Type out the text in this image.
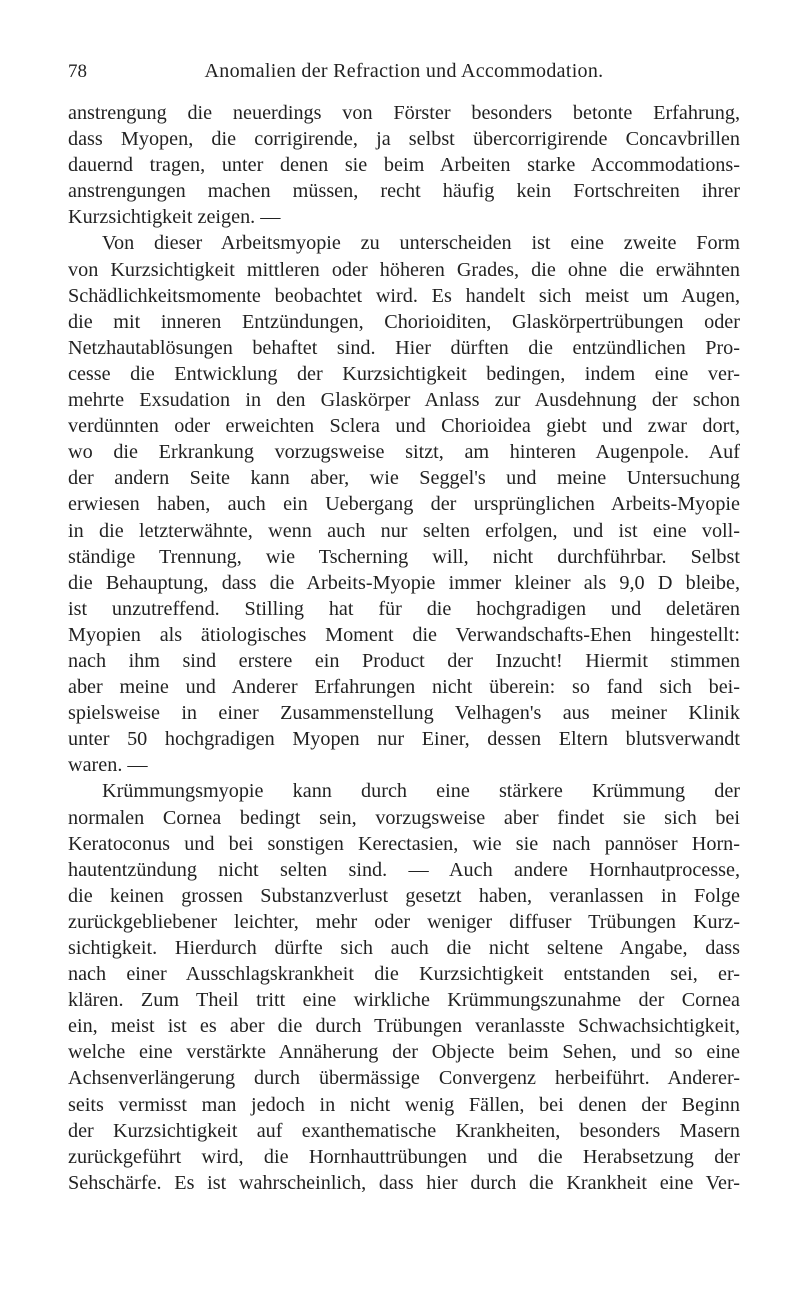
78	Anomalien der Refraction und Accommodation.
anstrengung die neuerdings von Förster besonders betonte Erfahrung,
dass Myopen, die corrigirende, ja selbst übercorrigirende Concavbrillen
dauernd tragen, unter denen sie beim Arbeiten starke Accommodations-
anstrengungen machen müssen, recht häufig kein Fortschreiten ihrer
Kurzsichtigkeit zeigen. —
Von dieser Arbeitsmyopie zu unterscheiden ist eine zweite Form
von Kurzsichtigkeit mittleren oder höheren Grades, die ohne die erwähnten
Schädlichkeitsmomente beobachtet wird. Es handelt sich meist um Augen,
die mit inneren Entzündungen, Chorioiditen, Glaskörpertrübungen oder
Netzhautablösungen behaftet sind. Hier dürften die entzündlichen Pro-
cesse die Entwicklung der Kurzsichtigkeit bedingen, indem eine ver-
mehrte Exsudation in den Glaskörper Anlass zur Ausdehnung der schon
verdünnten oder erweichten Sclera und Chorioidea giebt und zwar dort,
wo die Erkrankung vorzugsweise sitzt, am hinteren Augenpole. Auf
der andern Seite kann aber, wie Seggel's und meine Untersuchung
erwiesen haben, auch ein Uebergang der ursprünglichen Arbeits-Myopie
in die letzterwähnte, wenn auch nur selten erfolgen, und ist eine voll-
ständige Trennung, wie Tscherning will, nicht durchführbar. Selbst
die Behauptung, dass die Arbeits-Myopie immer kleiner als 9,0 D bleibe,
ist unzutreffend. Stilling hat für die hochgradigen und deletären
Myopien als ätiologisches Moment die Verwandschafts-Ehen hingestellt:
nach ihm sind erstere ein Product der Inzucht! Hiermit stimmen
aber meine und Anderer Erfahrungen nicht überein: so fand sich bei-
spielsweise in einer Zusammenstellung Velhagen's aus meiner Klinik
unter 50 hochgradigen Myopen nur Einer, dessen Eltern blutsverwandt
waren. —
Krümmungsmyopie kann durch eine stärkere Krümmung der
normalen Cornea bedingt sein, vorzugsweise aber findet sie sich bei
Keratoconus und bei sonstigen Kerectasien, wie sie nach pannöser Horn-
hautentzündung nicht selten sind. — Auch andere Hornhautprocesse,
die keinen grossen Substanzverlust gesetzt haben, veranlassen in Folge
zurückgebliebener leichter, mehr oder weniger diffuser Trübungen Kurz-
sichtigkeit. Hierdurch dürfte sich auch die nicht seltene Angabe, dass
nach einer Ausschlagskrankheit die Kurzsichtigkeit entstanden sei, er-
klären. Zum Theil tritt eine wirkliche Krümmungszunahme der Cornea
ein, meist ist es aber die durch Trübungen veranlasste Schwachsichtigkeit,
welche eine verstärkte Annäherung der Objecte beim Sehen, und so eine
Achsenverlängerung durch übermässige Convergenz herbeiführt. Anderer-
seits vermisst man jedoch in nicht wenig Fällen, bei denen der Beginn
der Kurzsichtigkeit auf exanthematische Krankheiten, besonders Masern
zurückgeführt wird, die Hornhauttrübungen und die Herabsetzung der
Sehschärfe. Es ist wahrscheinlich, dass hier durch die Krankheit eine Ver-
